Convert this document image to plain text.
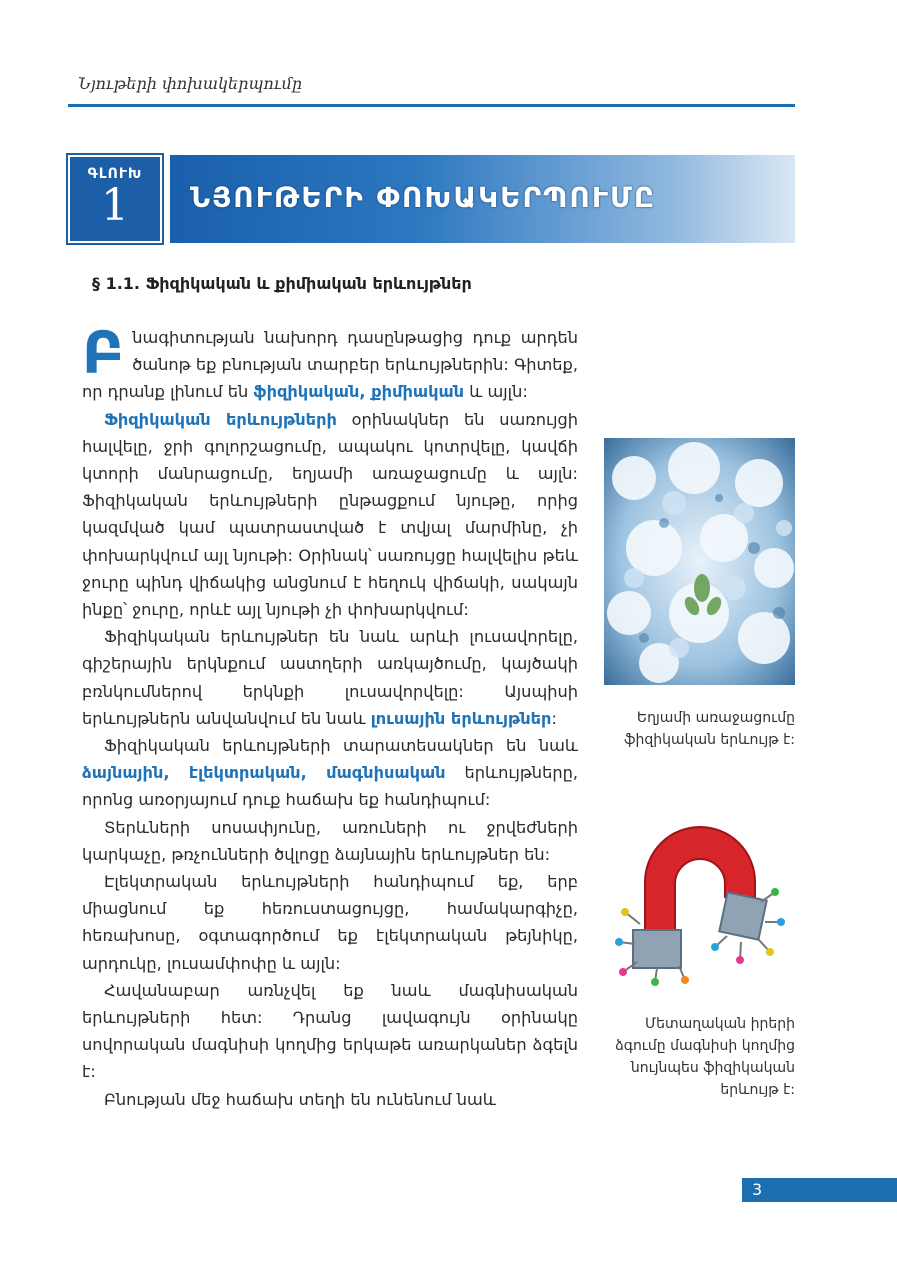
Նյութերի փոխակերպումը
ԳԼՈՒԽ
1	ՆՅՈՒԹԵՐԻ ՓՈԽԱԿԵՐՊՈՒՄԸ
§ 1.1. Ֆիզիկական և քիմիական երևույթներ

Բնագիտության նախորդ դասընթացից դուք արդեն ծանոթ եք բնության տարբեր երևույթներին: Գիտեք, որ դրանք լինում են ֆիզիկական, քիմիական և այլն:

Ֆիզիկական երևույթների օրինակներ են սառույցի հալվելը, ջրի գոլորշացումը, ապակու կոտրվելը, կավճի կտորի մանրացումը, եղյամի առաջացումը և այլն: Ֆիզիկական երևույթների ընթացքում նյութը, որից կազմված կամ պատրաստված է տվյալ մարմինը, չի փոխարկվում այլ նյութի: Օրինակ՝ սառույցը հալվելիս թեև ջուրը պինդ վիճակից անցնում է հեղուկ վիճակի, սակայն ինքը՝ ջուրը, որևէ այլ նյութի չի փոխարկվում:

Ֆիզիկական երևույթներ են նաև արևի լուսավորելը, գիշերային երկնքում աստղերի առկայծումը, կայծակի բռնկումներով երկնքի լուսավորվելը: Այսպիսի երևույթներն անվանվում են նաև լուսային երևույթներ:

Ֆիզիկական երևույթների տարատեսակներ են նաև ձայնային, էլեկտրական, մագնիսական երևույթները, որոնց առօրյայում դուք հաճախ եք հանդիպում:

Տերևների սոսափյունը, առուների ու ջրվեժների կարկաչը, թռչունների ծվլոցը ձայնային երևույթներ են:

Էլեկտրական երևույթների հանդիպում եք, երբ միացնում եք հեռուստացույցը, համակարգիչը, հեռախոսը, օգտագործում եք էլեկտրական թեյնիկը, արդուկը, լուսամփոփը և այլն:

Հավանաբար առնչվել եք նաև մագնիսական երևույթների հետ: Դրանց լավագույն օրինակը սովորական մագնիսի կողմից երկաթե առարկաներ ձգելն է:

Բնության մեջ հաճախ տեղի են ունենում նաև

Եղյամի առաջացումը ֆիզիկական երևույթ է:
Մետաղական իրերի ձգումը մագնիսի կողմից նույնպես ֆիզիկական երևույթ է:
3
